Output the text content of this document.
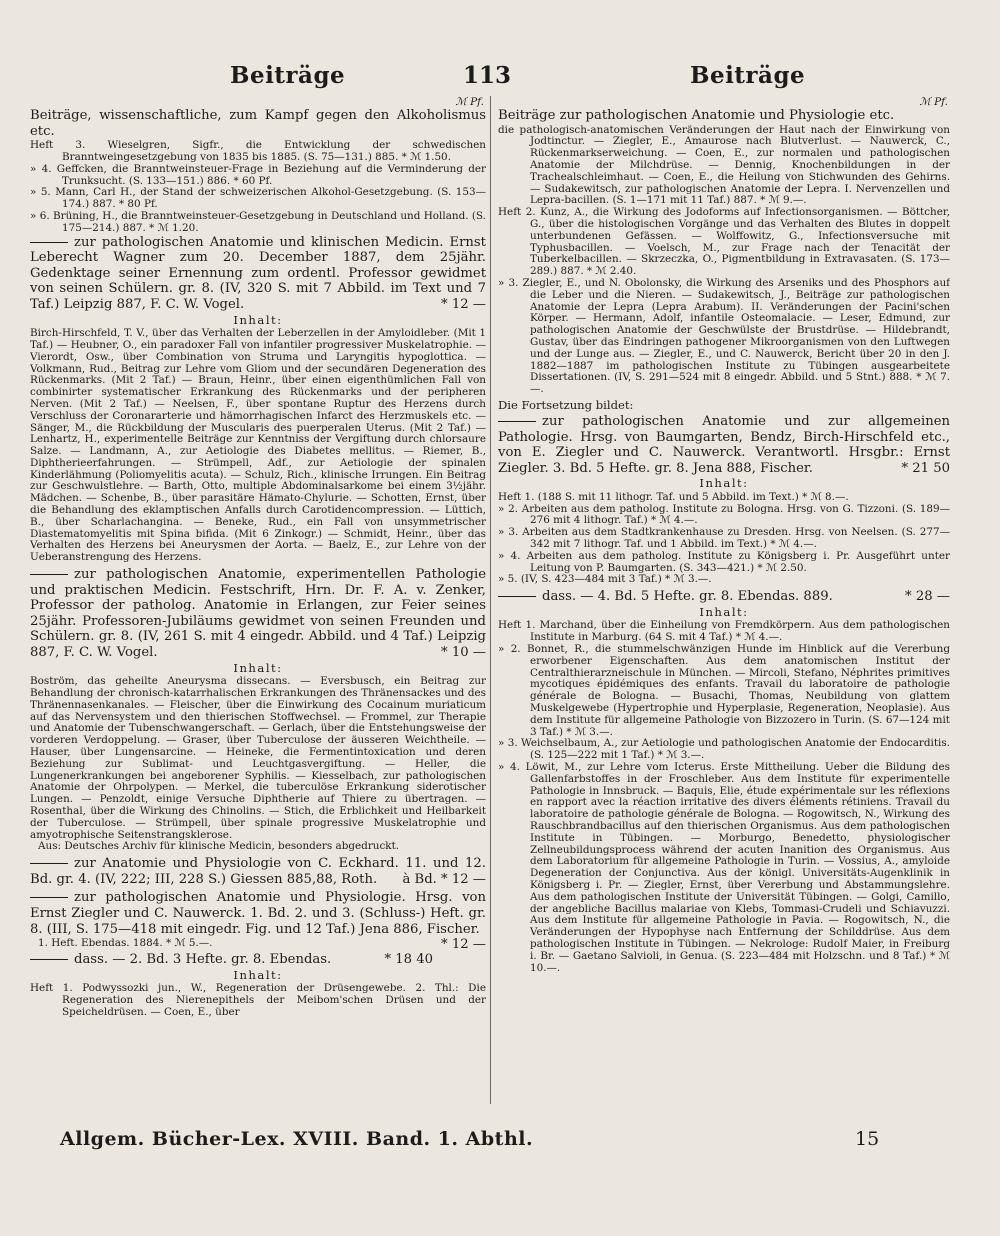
Beiträge	113	Beiträge
ℳ Pf.
Beiträge, wissenschaftliche, zum Kampf gegen den Alkoholismus etc.
Heft 3. Wieselgren, Sigfr., die Entwicklung der schwedischen Branntweingesetzgebung von 1835 bis 1885. (S. 75—131.) 885. * ℳ 1.50.
» 4. Geffcken, die Branntweinsteuer-Frage in Beziehung auf die Verminderung der Trunksucht. (S. 133—151.) 886. * 60 Pf.
» 5. Mann, Carl H., der Stand der schweizerischen Alkohol-Gesetzgebung. (S. 153—174.) 887. * 80 Pf.
» 6. Brüning, H., die Branntweinsteuer-Gesetzgebung in Deutschland und Holland. (S. 175—214.) 887. * ℳ 1.20.
zur pathologischen Anatomie und klinischen Medicin. Ernst Leberecht Wagner zum 20. December 1887, dem 25jähr. Gedenktage seiner Ernennung zum ordentl. Professor gewidmet von seinen Schülern. gr. 8. (IV, 320 S. mit 7 Abbild. im Text und 7 Taf.) Leipzig 887, F. C. W. Vogel.	* 12 —
Inhalt:
Birch-Hirschfeld, T. V., über das Verhalten der Leberzellen in der Amyloidleber. (Mit 1 Taf.) — Heubner, O., ein paradoxer Fall von infantiler progressiver Muskelatrophie. — Vierordt, Osw., über Combination von Struma und Laryngitis hypoglottica. — Volkmann, Rud., Beitrag zur Lehre vom Gliom und der secundären Degeneration des Rückenmarks. (Mit 2 Taf.) — Braun, Heinr., über einen eigenthümlichen Fall von combinirter systematischer Erkrankung des Rückenmarks und der peripheren Nerven. (Mit 2 Taf.) — Neelsen, F., über spontane Ruptur des Herzens durch Verschluss der Coronararterie und hämorrhagischen Infarct des Herzmuskels etc. — Sänger, M., die Rückbildung der Muscularis des puerperalen Uterus. (Mit 2 Taf.) — Lenhartz, H., experimentelle Beiträge zur Kenntniss der Vergiftung durch chlorsaure Salze. — Landmann, A., zur Aetiologie des Diabetes mellitus. — Riemer, B., Diphtherieerfahrungen. — Strümpell, Adf., zur Aetiologie der spinalen Kinderlähmung (Poliomyelitis acuta). — Schulz, Rich., klinische Irrungen. Ein Beitrag zur Geschwulstlehre. — Barth, Otto, multiple Abdominalsarkome bei einem 3½jähr. Mädchen. — Schenbe, B., über parasitäre Hämato-Chylurie. — Schotten, Ernst, über die Behandlung des eklamptischen Anfalls durch Carotidencompression. — Lüttich, B., über Scharlachangina. — Beneke, Rud., ein Fall von unsymmetrischer Diastematomyelitis mit Spina bifida. (Mit 6 Zinkogr.) — Schmidt, Heinr., über das Verhalten des Herzens bei Aneurysmen der Aorta. — Baelz, E., zur Lehre von der Ueberanstrengung des Herzens.
zur pathologischen Anatomie, experimentellen Pathologie und praktischen Medicin. Festschrift, Hrn. Dr. F. A. v. Zenker, Professor der patholog. Anatomie in Erlangen, zur Feier seines 25jähr. Professoren-Jubiläums gewidmet von seinen Freunden und Schülern. gr. 8. (IV, 261 S. mit 4 eingedr. Abbild. und 4 Taf.) Leipzig 887, F. C. W. Vogel.	* 10 —
Inhalt:
Boström, das geheilte Aneurysma dissecans. — Eversbusch, ein Beitrag zur Behandlung der chronisch-katarrhalischen Erkrankungen des Thränensackes und des Thränennasenkanales. — Fleischer, über die Einwirkung des Cocainum muriaticum auf das Nervensystem und den thierischen Stoffwechsel. — Frommel, zur Therapie und Anatomie der Tubenschwangerschaft. — Gerlach, über die Entstehungsweise der vorderen Verdoppelung. — Graser, über Tuberculose der äusseren Weichtheile. — Hauser, über Lungensarcine. — Heineke, die Fermentintoxication und deren Beziehung zur Sublimat- und Leuchtgasvergiftung. — Heller, die Lungenerkrankungen bei angeborener Syphilis. — Kiesselbach, zur pathologischen Anatomie der Ohrpolypen. — Merkel, die tuberculöse Erkrankung siderotischer Lungen. — Penzoldt, einige Versuche Diphtherie auf Thiere zu übertragen. — Rosenthal, über die Wirkung des Chinolins. — Stich, die Erblichkeit und Heilbarkeit der Tuberculose. — Strümpell, über spinale progressive Muskelatrophie und amyotrophische Seitenstrangsklerose.
Aus: Deutsches Archiv für klinische Medicin, besonders abgedruckt.
zur Anatomie und Physiologie von C. Eckhard. 11. und 12. Bd. gr. 4. (IV, 222; III, 228 S.) Giessen 885,88, Roth.	à Bd. * 12 —
zur pathologischen Anatomie und Physiologie. Hrsg. von Ernst Ziegler und C. Nauwerck. 1. Bd. 2. und 3. (Schluss-) Heft. gr. 8. (III, S. 175—418 mit eingedr. Fig. und 12 Taf.) Jena 886, Fischer.
* 12 —
1. Heft. Ebendas. 1884. * ℳ 5.—.
dass. — 2. Bd. 3 Hefte. gr. 8. Ebendas.	* 18 40
Inhalt:
Heft 1. Podwyssozki jun., W., Regeneration der Drüsengewebe. 2. Thl.: Die Regeneration des Nierenepithels der Meibom'schen Drüsen und der Speicheldrüsen. — Coen, E., über
ℳ Pf.
Beiträge zur pathologischen Anatomie und Physiologie etc.
die pathologisch-anatomischen Veränderungen der Haut nach der Einwirkung von Jodtinctur. — Ziegler, E., Amaurose nach Blutverlust. — Nauwerck, C., Rückenmarkserweichung. — Coen, E., zur normalen und pathologischen Anatomie der Milchdrüse. — Dennig, Knochenbildungen in der Trachealschleimhaut. — Coen, E., die Heilung von Stichwunden des Gehirns. — Sudakewitsch, zur pathologischen Anatomie der Lepra. I. Nervenzellen und Lepra-bacillen. (S. 1—171 mit 11 Taf.) 887. * ℳ 9.—.
Heft 2. Kunz, A., die Wirkung des Jodoforms auf Infectionsorganismen. — Böttcher, G., über die histologischen Vorgänge und das Verhalten des Blutes in doppelt unterbundenen Gefässen. — Wolffowitz, G., Infectionsversuche mit Typhusbacillen. — Voelsch, M., zur Frage nach der Tenacität der Tuberkelbacillen. — Skrzeczka, O., Pigmentbildung in Extravasaten. (S. 173—289.) 887. * ℳ 2.40.
» 3. Ziegler, E., und N. Obolonsky, die Wirkung des Arseniks und des Phosphors auf die Leber und die Nieren. — Sudakewitsch, J., Beiträge zur pathologischen Anatomie der Lepra (Lepra Arabum). II. Veränderungen der Pacini'schen Körper. — Hermann, Adolf, infantile Osteomalacie. — Leser, Edmund, zur pathologischen Anatomie der Geschwülste der Brustdrüse. — Hildebrandt, Gustav, über das Eindringen pathogener Mikroorganismen von den Luftwegen und der Lunge aus. — Ziegler, E., und C. Nauwerck, Bericht über 20 in den J. 1882—1887 im pathologischen Institute zu Tübingen ausgearbeitete Dissertationen. (IV, S. 291—524 mit 8 eingedr. Abbild. und 5 Stnt.) 888. * ℳ 7.—.
Die Fortsetzung bildet:
zur pathologischen Anatomie und zur allgemeinen Pathologie. Hrsg. von Baumgarten, Bendz, Birch-Hirschfeld etc., von E. Ziegler und C. Nauwerck. Verantwortl. Hrsgbr.: Ernst Ziegler. 3. Bd. 5 Hefte. gr. 8. Jena 888, Fischer.	* 21 50
Inhalt:
Heft 1. (188 S. mit 11 lithogr. Taf. und 5 Abbild. im Text.) * ℳ 8.—.
» 2. Arbeiten aus dem patholog. Institute zu Bologna. Hrsg. von G. Tizzoni. (S. 189—276 mit 4 lithogr. Taf.) * ℳ 4.—.
» 3. Arbeiten aus dem Stadtkrankenhause zu Dresden. Hrsg. von Neelsen. (S. 277—342 mit 7 lithogr. Taf. und 1 Abbild. im Text.) * ℳ 4.—.
» 4. Arbeiten aus dem patholog. Institute zu Königsberg i. Pr. Ausgeführt unter Leitung von P. Baumgarten. (S. 343—421.) * ℳ 2.50.
» 5. (IV, S. 423—484 mit 3 Taf.) * ℳ 3.—.
dass. — 4. Bd. 5 Hefte. gr. 8. Ebendas. 889.	* 28 —
Inhalt:
Heft 1. Marchand, über die Einheilung von Fremdkörpern. Aus dem pathologischen Institute in Marburg. (64 S. mit 4 Taf.) * ℳ 4.—.
» 2. Bonnet, R., die stummelschwänzigen Hunde im Hinblick auf die Vererbung erworbener Eigenschaften. Aus dem anatomischen Institut der Centralthierarzneischule in München. — Mircoli, Stefano, Néphrites primitives mycotiques épidémiques des enfants. Travail du laboratoire de pathologie générale de Bologna. — Busachi, Thomas, Neubildung von glattem Muskelgewebe (Hypertrophie und Hyperplasie, Regeneration, Neoplasie). Aus dem Institute für allgemeine Pathologie von Bizzozero in Turin. (S. 67—124 mit 3 Taf.) * ℳ 3.—.
» 3. Weichselbaum, A., zur Aetiologie und pathologischen Anatomie der Endocarditis. (S. 125—222 mit 1 Taf.) * ℳ 3.—.
» 4. Löwit, M., zur Lehre vom Icterus. Erste Mittheilung. Ueber die Bildung des Gallenfarbstoffes in der Froschleber. Aus dem Institute für experimentelle Pathologie in Innsbruck. — Baquis, Elie, étude expérimentale sur les réflexions en rapport avec la réaction irritative des divers éléments rétiniens. Travail du laboratoire de pathologie générale de Bologna. — Rogowitsch, N., Wirkung des Rauschbrandbacillus auf den thierischen Organismus. Aus dem pathologischen Institute in Tübingen. — Morburgo, Benedetto, physiologischer Zellneubildungsprocess während der acuten Inanition des Organismus. Aus dem Laboratorium für allgemeine Pathologie in Turin. — Vossius, A., amyloide Degeneration der Conjunctiva. Aus der königl. Universitäts-Augenklinik in Königsberg i. Pr. — Ziegler, Ernst, über Vererbung und Abstammungslehre. Aus dem pathologischen Institute der Universität Tübingen. — Golgi, Camillo, der angebliche Bacillus malariae von Klebs, Tommasi-Crudeli und Schiavuzzi. Aus dem Institute für allgemeine Pathologie in Pavia. — Rogowitsch, N., die Veränderungen der Hypophyse nach Entfernung der Schilddrüse. Aus dem pathologischen Institute in Tübingen. — Nekrologe: Rudolf Maier, in Freiburg i. Br. — Gaetano Salvioli, in Genua. (S. 223—484 mit Holzschn. und 8 Taf.) * ℳ 10.—.
Allgem. Bücher-Lex. XVIII. Band. 1. Abthl.	15
